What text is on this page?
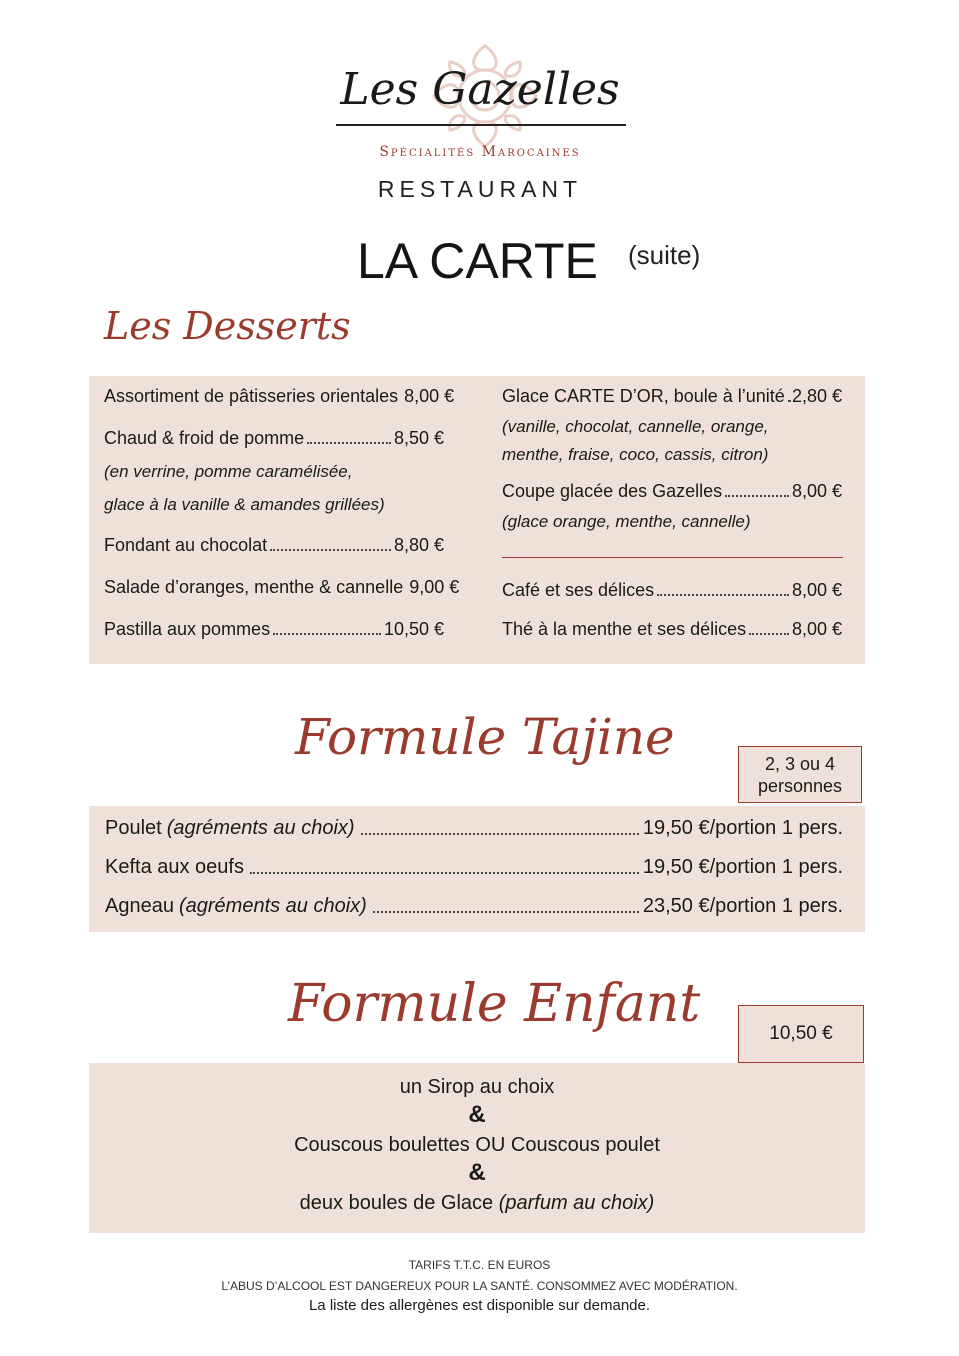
Les Gazelles
Spécialités Marocaines
RESTAURANT
LA CARTE (suite)
Les Desserts
Assortiment de pâtisseries orientales 8,00 €
Chaud & froid de pomme	8,50 €
(en verrine, pomme caramélisée,
glace à la vanille & amandes grillées)
Fondant au chocolat	8,80 €
Salade d’oranges, menthe & cannelle 9,00 €
Pastilla aux pommes	10,50 €
Glace CARTE D’OR, boule à l’unité 2,80 €
(vanille, chocolat, cannelle, orange,
menthe, fraise, coco, cassis, citron)
Coupe glacée des Gazelles	8,00 €
(glace orange, menthe, cannelle)
Café et ses délices	8,00 €
Thé à la menthe et ses délices	8,00 €
Formule Tajine	2, 3 ou 4
personnes
Poulet (agréments au choix)	19,50 €/portion 1 pers.
Kefta aux oeufs	19,50 €/portion 1 pers.
Agneau (agréments au choix)	23,50 €/portion 1 pers.
Formule Enfant	10,50 €
un Sirop au choix
&
Couscous boulettes OU Couscous poulet
&
deux boules de Glace (parfum au choix)
TARIFS T.T.C. EN EUROS
L’ABUS D’ALCOOL EST DANGEREUX POUR LA SANTÉ. CONSOMMEZ AVEC MODÉRATION.
La liste des allergènes est disponible sur demande.
